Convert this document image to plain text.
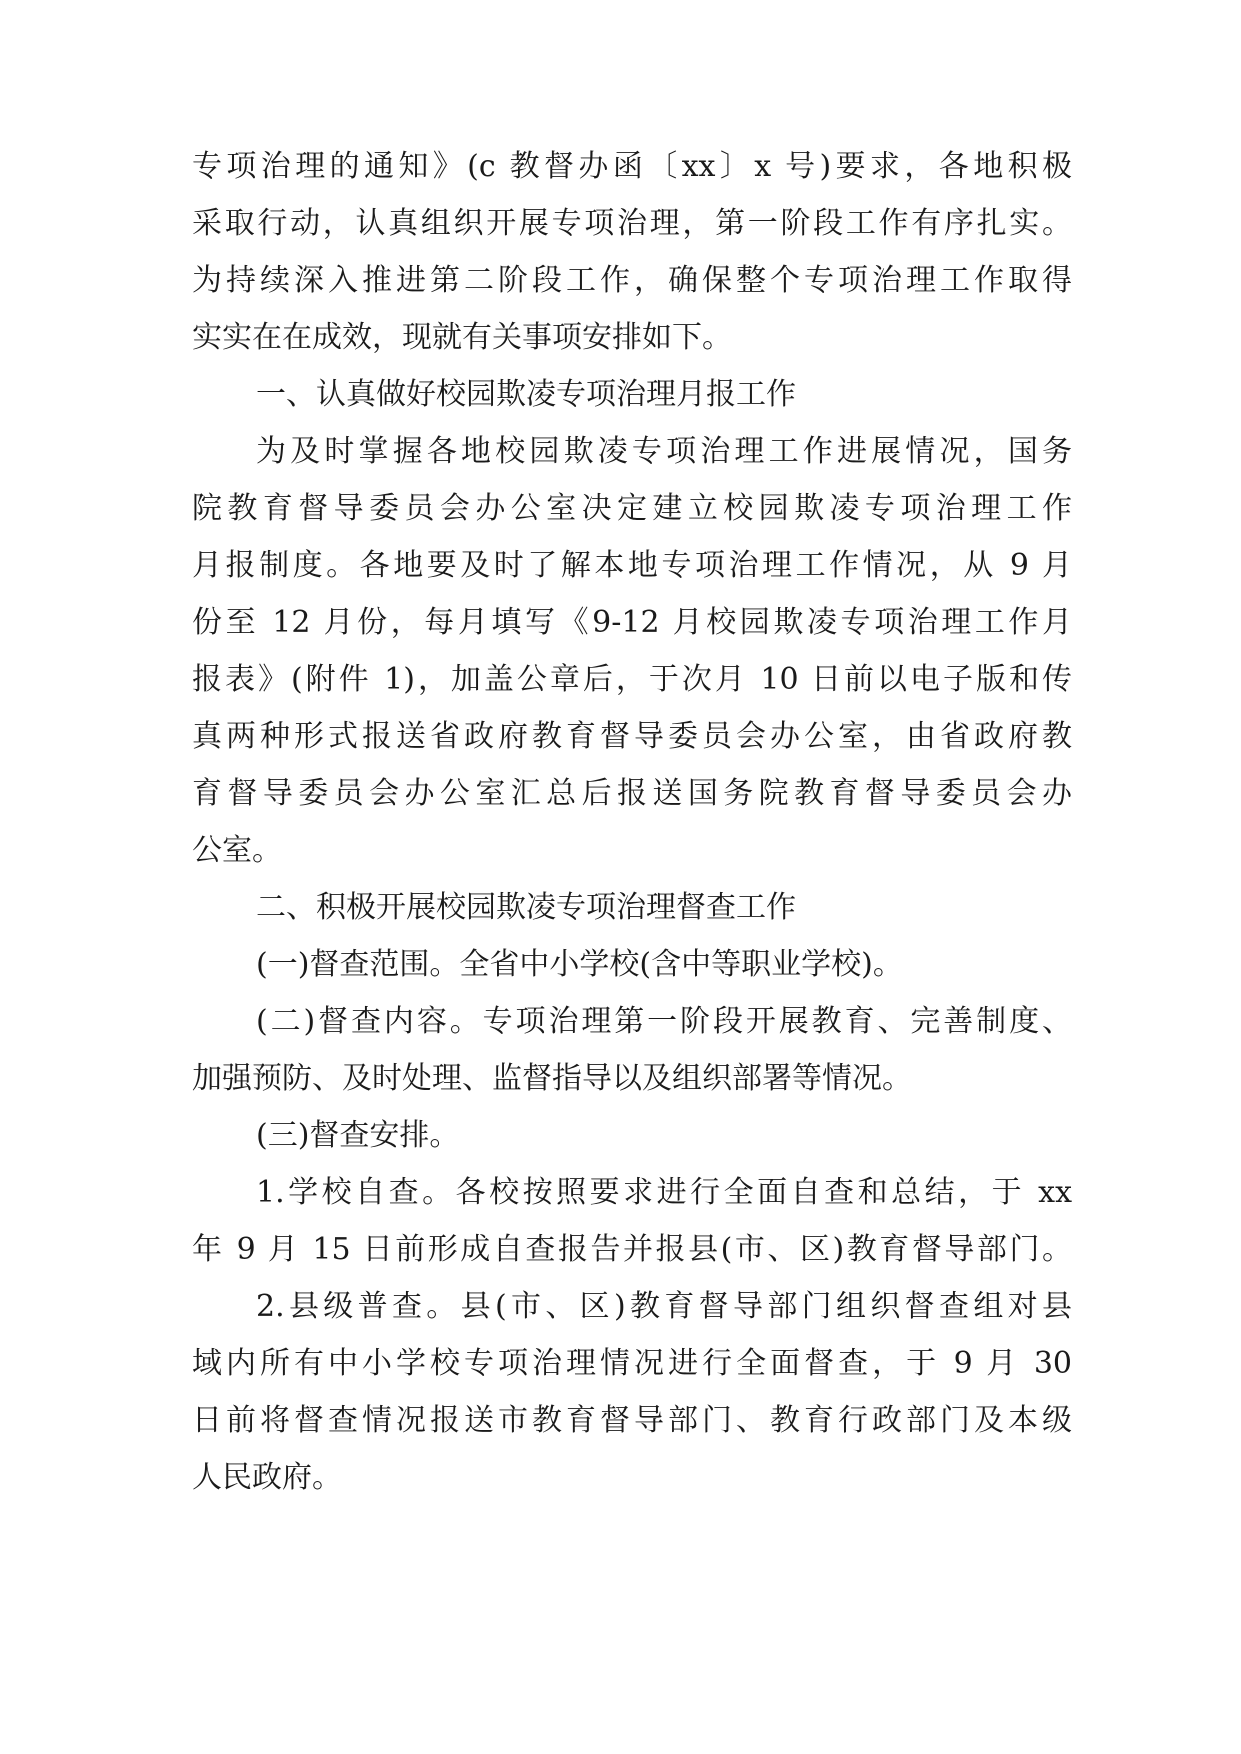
专项治理的通知》(c 教督办函〔xx〕x 号)要求，各地积极

采取行动，认真组织开展专项治理，第一阶段工作有序扎实。

为持续深入推进第二阶段工作，确保整个专项治理工作取得

实实在在成效，现就有关事项安排如下。

一、认真做好校园欺凌专项治理月报工作

为及时掌握各地校园欺凌专项治理工作进展情况，国务

院教育督导委员会办公室决定建立校园欺凌专项治理工作

月报制度。各地要及时了解本地专项治理工作情况，从 9 月

份至 12 月份，每月填写《9-12 月校园欺凌专项治理工作月

报表》(附件 1)，加盖公章后，于次月 10 日前以电子版和传

真两种形式报送省政府教育督导委员会办公室，由省政府教

育督导委员会办公室汇总后报送国务院教育督导委员会办

公室。

二、积极开展校园欺凌专项治理督查工作

(一)督查范围。全省中小学校(含中等职业学校)。

(二)督查内容。专项治理第一阶段开展教育、完善制度、

加强预防、及时处理、监督指导以及组织部署等情况。

(三)督查安排。

1.学校自查。各校按照要求进行全面自查和总结，于 xx

年 9 月 15 日前形成自查报告并报县(市、区)教育督导部门。

2.县级普查。县(市、区)教育督导部门组织督查组对县

域内所有中小学校专项治理情况进行全面督查，于 9 月 30

日前将督查情况报送市教育督导部门、教育行政部门及本级

人民政府。
